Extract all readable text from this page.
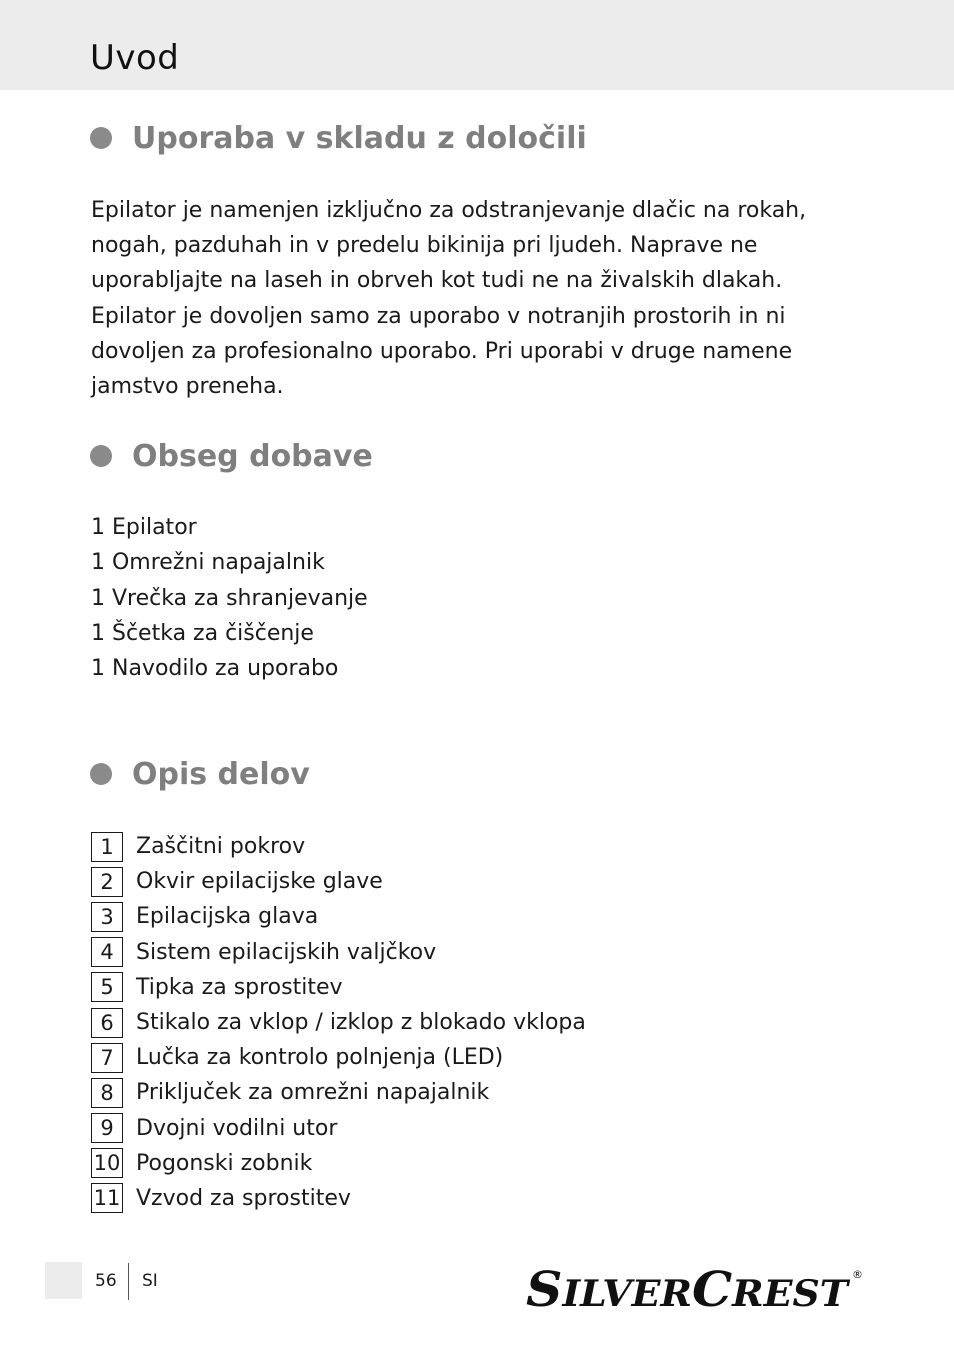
Uvod
Uporaba v skladu z določili
Epilator je namenjen izključno za odstranjevanje dlačic na rokah, nogah, pazduhah in v predelu bikinija pri ljudeh. Naprave ne uporabljajte na laseh in obrveh kot tudi ne na živalskih dlakah. Epilator je dovoljen samo za uporabo v notranjih prostorih in ni dovoljen za profesionalno uporabo. Pri uporabi v druge namene jamstvo preneha.
Obseg dobave
1 Epilator
1 Omrežni napajalnik
1 Vrečka za shranjevanje
1 Ščetka za čiščenje
1 Navodilo za uporabo
Opis delov
1	Zaščitni pokrov
2	Okvir epilacijske glave
3	Epilacijska glava
4	Sistem epilacijskih valjčkov
5	Tipka za sprostitev
6	Stikalo za vklop / izklop z blokado vklopa
7	Lučka za kontrolo polnjenja (LED)
8	Priključek za omrežni napajalnik
9	Dvojni vodilni utor
10 Pogonski zobnik
11 Vzvod za sprostitev
56 SI	SILVER CREST ®
